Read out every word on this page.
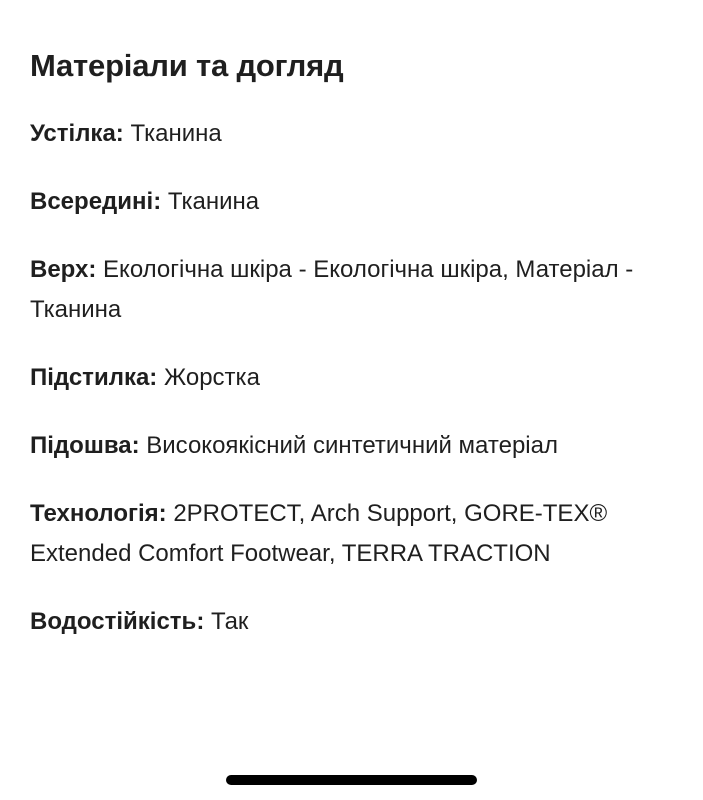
Матеріали та догляд
Устілка: Тканина
Всередині: Тканина
Верх: Екологічна шкіра - Екологічна шкіра, Матеріал - Тканина
Підстилка: Жорстка
Підошва: Високоякісний синтетичний матеріал
Технологія: 2PROTECT, Arch Support, GORE-TEX® Extended Comfort Footwear, TERRA TRACTION
Водостійкість: Так
